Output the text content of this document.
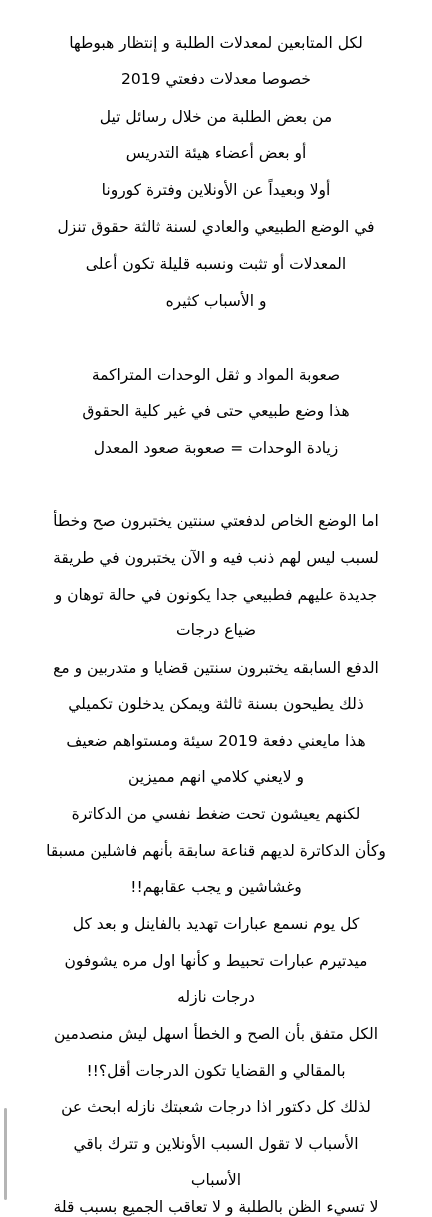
لكل المتابعين لمعدلات الطلبة و إنتظار هبوطها
خصوصا معدلات دفعتي 2019
من بعض الطلبة من خلال رسائل تيل
أو بعض أعضاء هيئة التدريس
أولا وبعيداً عن الأونلاين وفترة كورونا
في الوضع الطبيعي والعادي لسنة ثالثة حقوق تنزل
المعدلات أو تثبت ونسبه قليلة تكون أعلى
و الأسباب كثيره
صعوبة المواد و ثقل الوحدات المتراكمة
هذا وضع طبيعي حتى في غير كلية الحقوق
زيادة الوحدات = صعوبة صعود المعدل
اما الوضع الخاص لدفعتي سنتين يختبرون صح وخطأ
لسبب ليس لهم ذنب فيه و الآن يختبرون في طريقة
جديدة عليهم فطبيعي جدا يكونون في حالة توهان و
ضياع درجات
الدفع السابقه يختبرون سنتين قضايا و متدربين و مع
ذلك يطيحون بسنة ثالثة ويمكن يدخلون تكميلي
هذا مايعني دفعة 2019 سيئة ومستواهم ضعيف
و لايعني كلامي انهم مميزين
لكنهم يعيشون تحت ضغط نفسي من الدكاترة
وكأن الدكاترة لديهم قناعة سابقة بأنهم فاشلين مسبقا
وغشاشين و يجب عقابهم!!
كل يوم نسمع عبارات تهديد بالفاينل و بعد كل
ميدتيرم عبارات تحبيط و كأنها اول مره يشوفون
درجات نازله
الكل متفق بأن الصح و الخطأ اسهل ليش منصدمين
بالمقالي و القضايا تكون الدرجات أقل؟!!
لذلك كل دكتور اذا درجات شعبتك نازله ابحث عن
الأسباب لا تقول السبب الأونلاين و تترك باقي
الأسباب
لا تسيء الظن بالطلبة و لا تعاقب الجميع بسبب قلة
